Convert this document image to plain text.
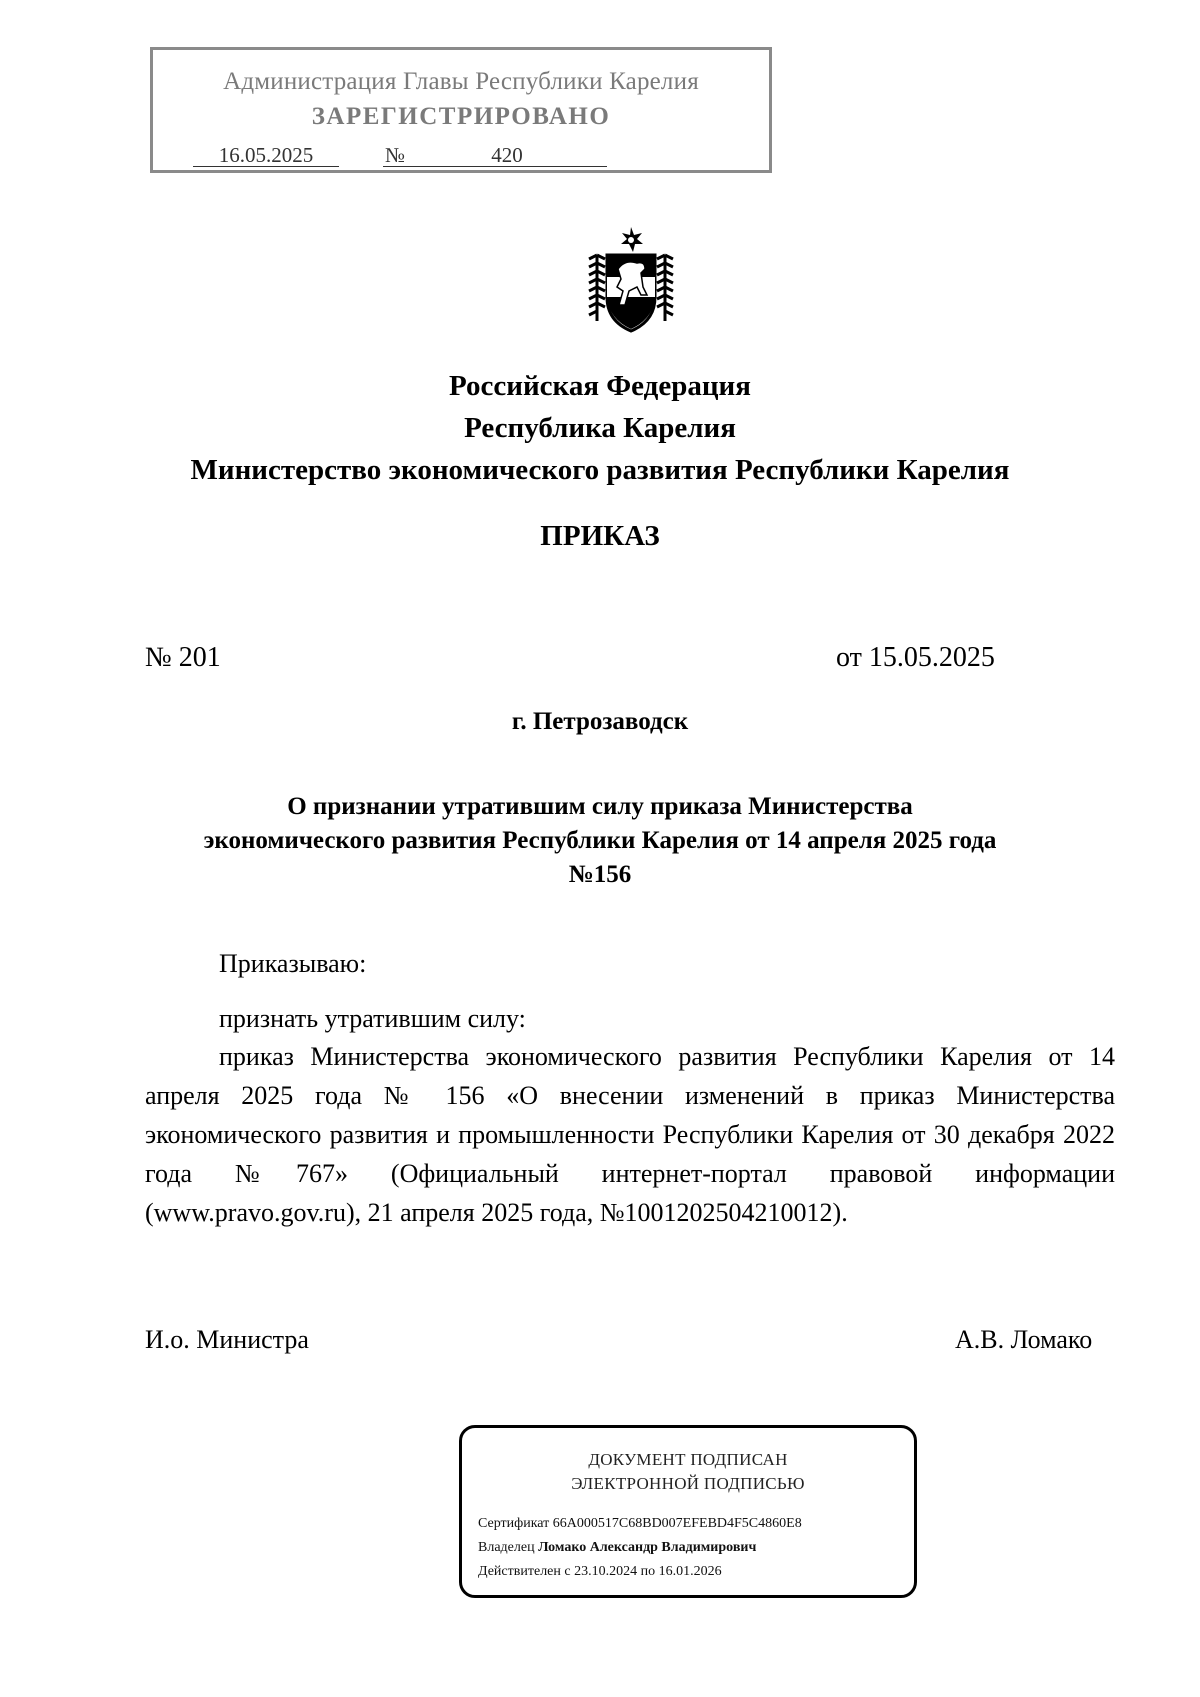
Администрация Главы Республики Карелия
ЗАРЕГИСТРИРОВАНО
16.05.2025	№	420
Российская Федерация
Республика Карелия
Министерство экономического развития Республики Карелия
ПРИКАЗ
№ 201	от 15.05.2025
г. Петрозаводск
О признании утратившим силу приказа Министерства
экономического развития Республики Карелия от 14 апреля 2025 года
№156
Приказываю:
признать утратившим силу:
приказ Министерства экономического развития Республики Карелия от 14 апреля 2025 года № 156 «О внесении изменений в приказ Министерства экономического развития и промышленности Республики Карелия от 30 декабря 2022 года №767» (Официальный интернет-портал правовой информации (www.pravo.gov.ru), 21 апреля 2025 года, №1001202504210012).
И.о. Министра	А.В. Ломако
ДОКУМЕНТ ПОДПИСАН
ЭЛЕКТРОННОЙ ПОДПИСЬЮ
Сертификат 66A000517C68BD007EFEBD4F5C4860E8
Владелец Ломако Александр Владимирович
Действителен с 23.10.2024 по 16.01.2026
